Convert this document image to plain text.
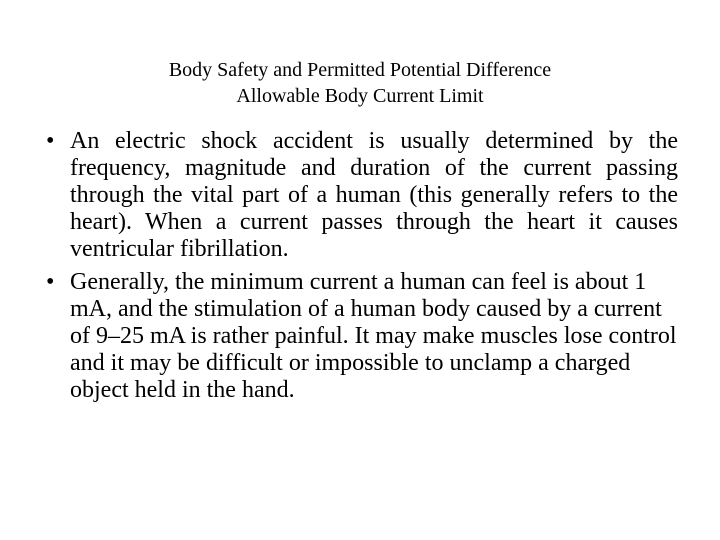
Body Safety and Permitted Potential Difference
Allowable Body Current Limit
• An electric shock accident is usually determined by the frequency, magnitude and duration of the current passing through the vital part of a human (this generally refers to the heart). When a current passes through the heart it causes ventricular fibrillation.
• Generally, the minimum current a human can feel is about 1 mA, and the stimulation of a human body caused by a current of 9–25 mA is rather painful. It may make muscles lose control and it may be difficult or impossible to unclamp a charged object held in the hand.
